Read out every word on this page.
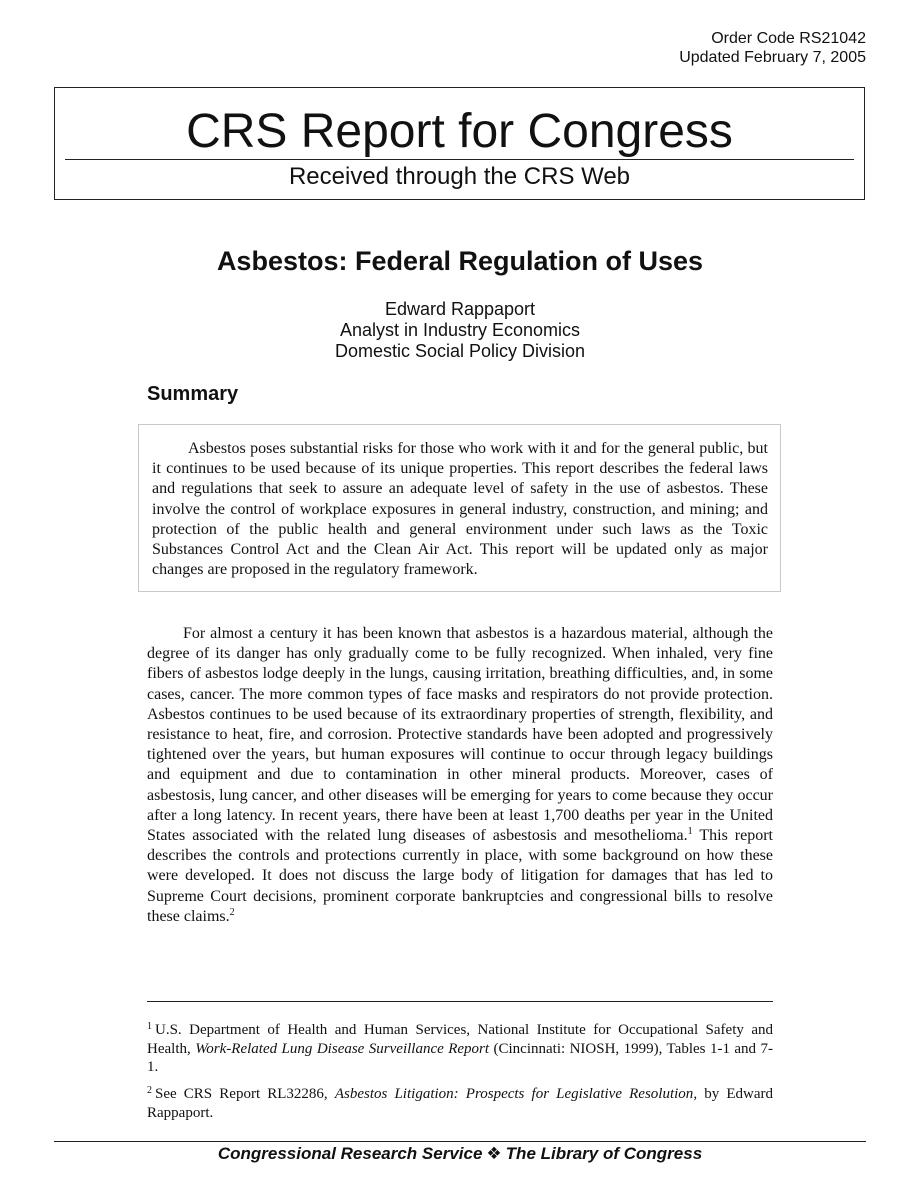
Order Code RS21042
Updated February 7, 2005
CRS Report for Congress
Received through the CRS Web
Asbestos: Federal Regulation of Uses
Edward Rappaport
Analyst in Industry Economics
Domestic Social Policy Division
Summary

Asbestos poses substantial risks for those who work with it and for the general public, but it continues to be used because of its unique properties. This report describes the federal laws and regulations that seek to assure an adequate level of safety in the use of asbestos. These involve the control of workplace exposures in general industry, construction, and mining; and protection of the public health and general environment under such laws as the Toxic Substances Control Act and the Clean Air Act. This report will be updated only as major changes are proposed in the regulatory framework.

For almost a century it has been known that asbestos is a hazardous material, although the degree of its danger has only gradually come to be fully recognized. When inhaled, very fine fibers of asbestos lodge deeply in the lungs, causing irritation, breathing difficulties, and, in some cases, cancer. The more common types of face masks and respirators do not provide protection. Asbestos continues to be used because of its extraordinary properties of strength, flexibility, and resistance to heat, fire, and corrosion. Protective standards have been adopted and progressively tightened over the years, but human exposures will continue to occur through legacy buildings and equipment and due to contamination in other mineral products. Moreover, cases of asbestosis, lung cancer, and other diseases will be emerging for years to come because they occur after a long latency. In recent years, there have been at least 1,700 deaths per year in the United States associated with the related lung diseases of asbestosis and mesothelioma.$^1$ This report describes the controls and protections currently in place, with some background on how these were developed. It does not discuss the large body of litigation for damages that has led to Supreme Court decisions, prominent corporate bankruptcies and congressional bills to resolve these claims.$^2$

$^1$ U.S. Department of Health and Human Services, National Institute for Occupational Safety and Health, Work-Related Lung Disease Surveillance Report (Cincinnati: NIOSH, 1999), Tables 1-1 and 7-1.

$^2$ See CRS Report RL32286, Asbestos Litigation: Prospects for Legislative Resolution, by Edward Rappaport.

Congressional Research Service ❖ The Library of Congress
